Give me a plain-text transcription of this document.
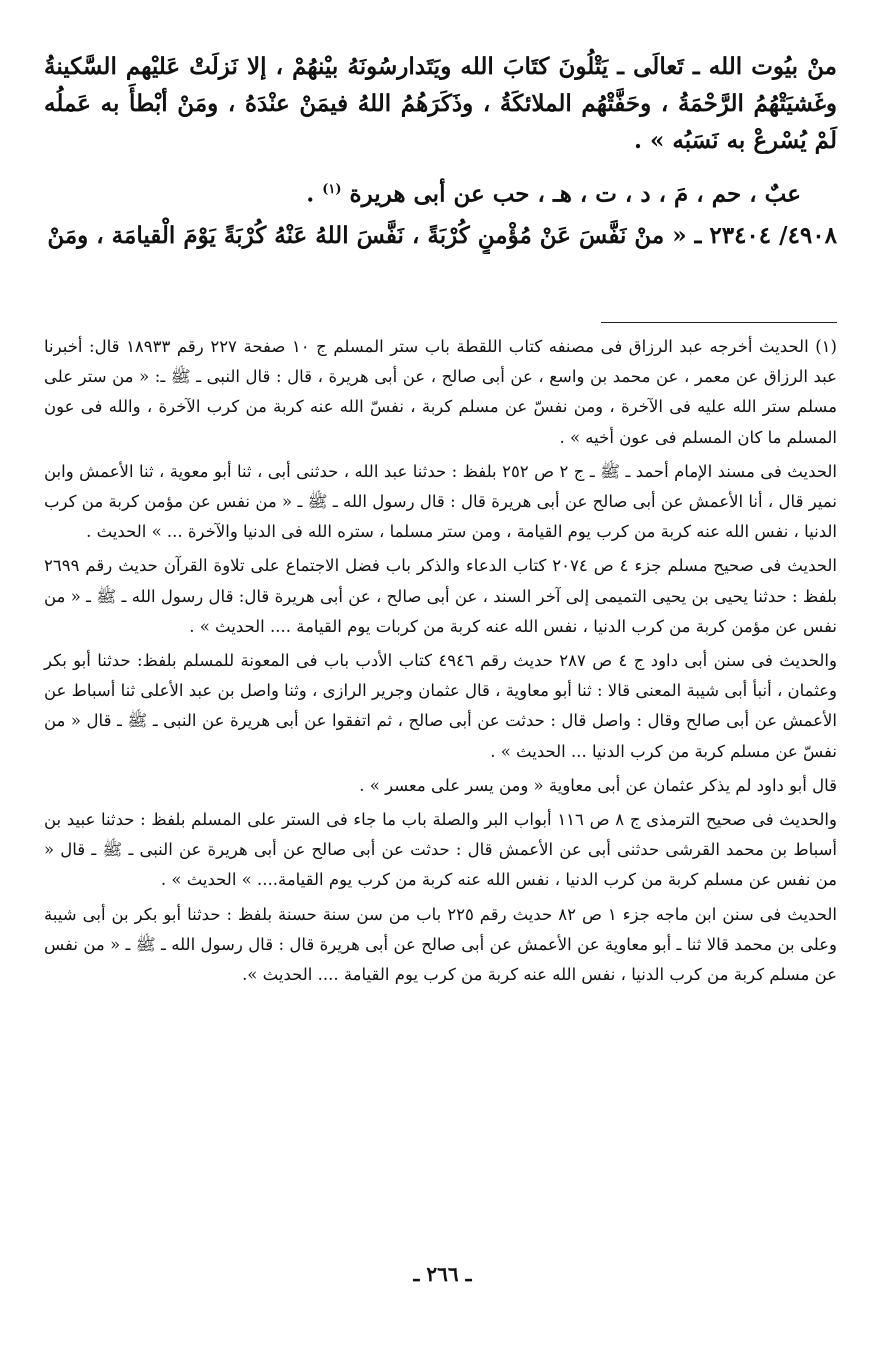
منْ بيُوت الله ـ تَعالَى ـ يَتْلُونَ كتَابَ الله ويَتَدارسُونَهُ بيْنهُمْ ، إلا نَزلَتْ عَليْهم السَّكينةُ وغَشيَتْهُمُ الرَّحْمَةُ ، وحَفَّتْهُم الملائكَةُ ، وذَكَرَهُمُ اللهُ فيمَنْ عنْدَهُ ، ومَنْ أبْطأَ به عَملُه لَمْ يُسْرعْ به نَسَبُه » .

عبٌ ، حم ، مَ ، د ، ت ، هـ ، حب عن أبى هريرة $^{(١)}$ .

٤٩٠٨/ ٢٣٤٠٤ ـ « منْ نَفَّسَ عَنْ مُؤْمنٍ كُرْبَةً ، نَفَّسَ اللهُ عَنْهُ كُرْبَةً يَوْمَ الْقيامَة ، ومَنْ

(١) الحديث أخرجه عبد الرزاق فى مصنفه كتاب اللقطة باب ستر المسلم ج ١٠ صفحة ٢٢٧ رقم ١٨٩٣٣ قال: أخبرنا عبد الرزاق عن معمر ، عن محمد بن واسع ، عن أبى صالح ، عن أبى هريرة ، قال : قال النبى ـ ﷺ ـ: « من ستر على مسلم ستر الله عليه فى الآخرة ، ومن نفسّ عن مسلم كربة ، نفسّ الله عنه كربة من كرب الآخرة ، والله فى عون المسلم ما كان المسلم فى عون أخيه » .

الحديث فى مسند الإمام أحمد ـ ﷺ ـ ج ٢ ص ٢٥٢ بلفظ : حدثنا عبد الله ، حدثنى أبى ، ثنا أبو معوية ، ثنا الأعمش وابن نمير قال ، أنا الأعمش عن أبى صالح عن أبى هريرة قال : قال رسول الله ـ ﷺ ـ « من نفس عن مؤمن كربة من كرب الدنيا ، نفس الله عنه كربة من كرب يوم القيامة ، ومن ستر مسلما ، ستره الله فى الدنيا والآخرة ... » الحديث .

الحديث فى صحيح مسلم جزء ٤ ص ٢٠٧٤ كتاب الدعاء والذكر باب فضل الاجتماع على تلاوة القرآن حديث رقم ٢٦٩٩ بلفظ : حدثنا يحيى بن يحيى التميمى إلى آخر السند ، عن أبى صالح ، عن أبى هريرة قال: قال رسول الله ـ ﷺ ـ « من نفس عن مؤمن كربة من كرب الدنيا ، نفس الله عنه كربة من كربات يوم القيامة .... الحديث » .

والحديث فى سنن أبى داود ج ٤ ص ٢٨٧ حديث رقم ٤٩٤٦ كتاب الأدب باب فى المعونة للمسلم بلفظ: حدثنا أبو بكر وعثمان ، أنبأ أبى شيبة المعنى قالا : ثنا أبو معاوية ، قال عثمان وجرير الرازى ، وثنا واصل بن عبد الأعلى ثنا أسباط عن الأعمش عن أبى صالح وقال : واصل قال : حدثت عن أبى صالح ، ثم اتفقوا عن أبى هريرة عن النبى ـ ﷺ ـ قال « من نفسّ عن مسلم كربة من كرب الدنيا ... الحديث » .

قال أبو داود لم يذكر عثمان عن أبى معاوية « ومن يسر على معسر » .

والحديث فى صحيح الترمذى ج ٨ ص ١١٦ أبواب البر والصلة باب ما جاء فى الستر على المسلم بلفظ : حدثنا عبيد بن أسباط بن محمد القرشى حدثنى أبى عن الأعمش قال : حدثت عن أبى صالح عن أبى هريرة عن النبى ـ ﷺ ـ قال « من نفس عن مسلم كربة من كرب الدنيا ، نفس الله عنه كربة من كرب يوم القيامة.... » الحديث » .

الحديث فى سنن ابن ماجه جزء ١ ص ٨٢ حديث رقم ٢٢٥ باب من سن سنة حسنة بلفظ : حدثنا أبو بكر بن أبى شيبة وعلى بن محمد قالا ثنا ـ أبو معاوية عن الأعمش عن أبى صالح عن أبى هريرة قال : قال رسول الله ـ ﷺ ـ « من نفس عن مسلم كربة من كرب الدنيا ، نفس الله عنه كربة من كرب يوم القيامة .... الحديث ».

ـ ٢٦٦ ـ
